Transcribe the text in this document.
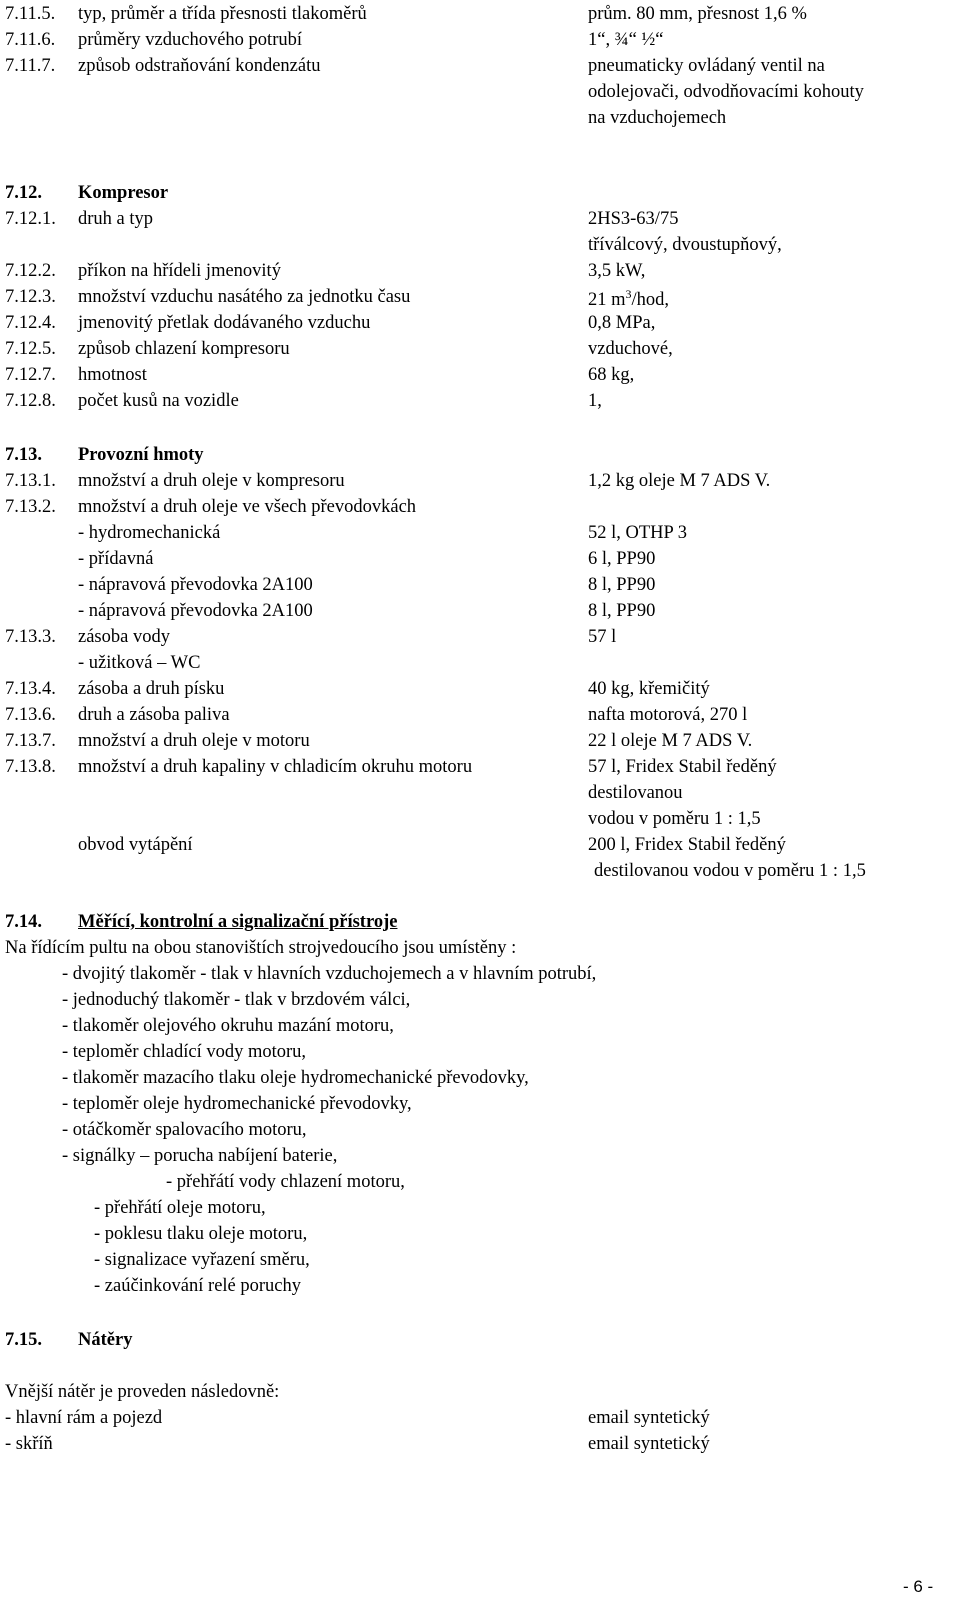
7.11.5. typ, průměr a třída přesnosti tlakoměrů	prům. 80 mm, přesnost 1,6 %
7.11.6. průměry vzduchového potrubí	1“, ¾“ ½“
7.11.7. způsob odstraňování kondenzátu	pneumaticky ovládaný ventil na
odolejovači, odvodňovacími kohouty
na vzduchojemech
7.12. Kompresor
7.12.1. druh a typ	2HS3-63/75
tříválcový, dvoustupňový,
7.12.2. příkon na hřídeli jmenovitý	3,5 kW,
7.12.3. množství vzduchu nasátého za jednotku času	21 $m^3$/hod,
7.12.4. jmenovitý přetlak dodávaného vzduchu	0,8 MPa,
7.12.5. způsob chlazení kompresoru	vzduchové,
7.12.7. hmotnost	68 kg,
7.12.8. počet kusů na vozidle	1,
7.13. Provozní hmoty
7.13.1. množství a druh oleje v kompresoru	1,2 kg oleje M 7 ADS V.
7.13.2. množství a druh oleje ve všech převodovkách
- hydromechanická	52 l, OTHP 3
- přídavná	6 l, PP90
- nápravová převodovka 2A100	8 l, PP90
- nápravová převodovka 2A100	8 l, PP90
7.13.3. zásoba vody	57 l
- užitková – WC
7.13.4. zásoba a druh písku	40 kg, křemičitý
7.13.6. druh a zásoba paliva	nafta motorová, 270 l
7.13.7. množství a druh oleje v motoru	22 l oleje M 7 ADS V.
7.13.8. množství a druh kapaliny v chladicím okruhu motoru	57 l, Fridex Stabil ředěný
destilovanou
vodou v poměru 1 : 1,5
obvod vytápění	200 l, Fridex Stabil ředěný
destilovanou vodou v poměru 1 : 1,5
7.14. Měřící, kontrolní a signalizační přístroje
Na řídícím pultu na obou stanovištích strojvedoucího jsou umístěny :
- dvojitý tlakoměr - tlak v hlavních vzduchojemech a v hlavním potrubí,
- jednoduchý tlakoměr - tlak v brzdovém válci,
- tlakoměr olejového okruhu mazání motoru,
- teploměr chladící vody motoru,
- tlakoměr mazacího tlaku oleje hydromechanické převodovky,
- teploměr oleje hydromechanické převodovky,
- otáčkoměr spalovacího motoru,
- signálky – porucha nabíjení baterie,
- přehřátí vody chlazení motoru,
- přehřátí oleje motoru,
- poklesu tlaku oleje motoru,
- signalizace vyřazení směru,
- zaúčinkování relé poruchy
7.15. Nátěry
Vnější nátěr je proveden následovně:
- hlavní rám a pojezd	email syntetický
- skříň	email syntetický
- 6 -
